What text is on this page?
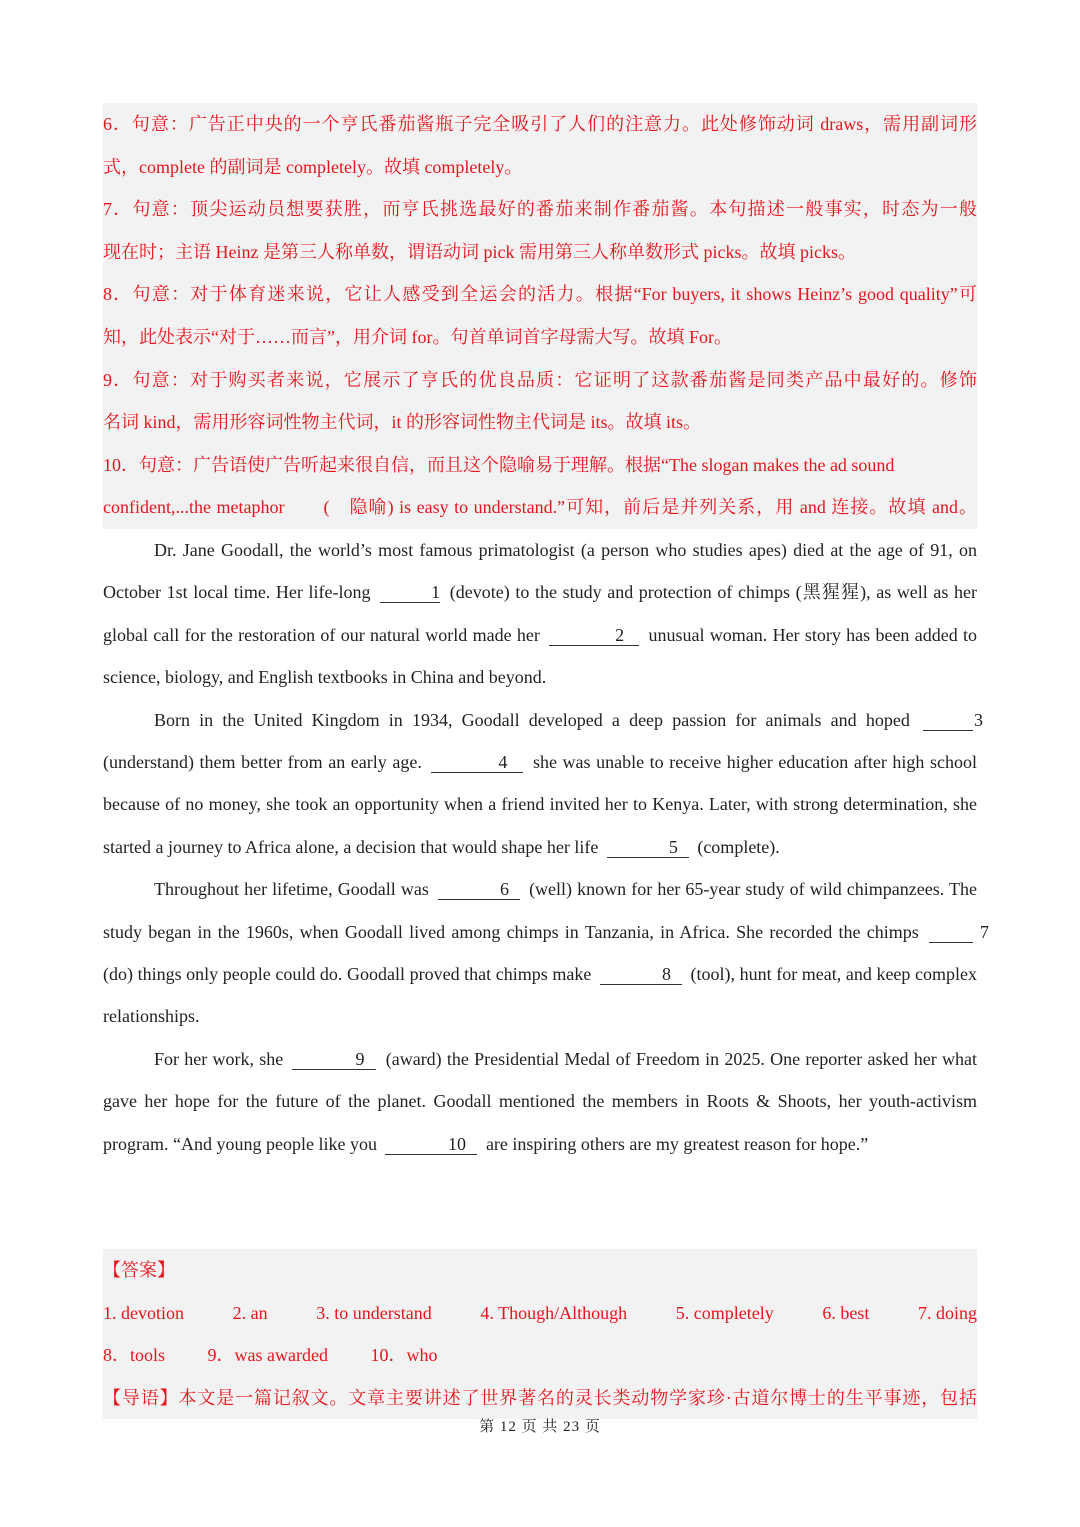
6．句意：广告正中央的一个亨氏番茄酱瓶子完全吸引了人们的注意力。此处修饰动词 draws，需用副词形

式，complete 的副词是 completely。故填 completely。

7．句意：顶尖运动员想要获胜，而亨氏挑选最好的番茄来制作番茄酱。本句描述一般事实，时态为一般

现在时；主语 Heinz 是第三人称单数，谓语动词 pick 需用第三人称单数形式 picks。故填 picks。

8．句意：对于体育迷来说，它让人感受到全运会的活力。根据“For buyers, it shows Heinz’s good quality”可

知，此处表示“对于……而言”，用介词 for。句首单词首字母需大写。故填 For。

9．句意：对于购买者来说，它展示了亨氏的优良品质：它证明了这款番茄酱是同类产品中最好的。修饰

名词 kind，需用形容词性物主代词，it 的形容词性物主代词是 its。故填 its。

10．句意：广告语使广告听起来很自信，而且这个隐喻易于理解。根据“The slogan makes the ad sound

confident,...the metaphor　　(　隐喻) is easy to understand.”可知，前后是并列关系，用 and 连接。故填 and。

Dr. Jane Goodall, the world’s most famous primatologist (a person who studies apes) died at the age of 91, on October 1st local time. Her life-long	1 (devote) to the study and protection of chimps (黑猩猩), as well as her global call for the restoration of our natural world made her	2 unusual woman. Her story has been added to science, biology, and English textbooks in China and beyond.

Born in the United Kingdom in 1934, Goodall developed a deep passion for animals and hoped	3 (understand) them better from an early age.	4 she was unable to receive higher education after high school because of no money, she took an opportunity when a friend invited her to Kenya. Later, with strong determination, she started a journey to Africa alone, a decision that would shape her life	5 (complete).

Throughout her lifetime, Goodall was	6 (well) known for her 65-year study of wild chimpanzees. The study began in the 1960s, when Goodall lived among chimps in Tanzania, in Africa. She recorded the chimps	7 (do) things only people could do. Goodall proved that chimps make	8 (tool), hunt for meat, and keep complex relationships.

For her work, she	9 (award) the Presidential Medal of Freedom in 2025. One reporter asked her what gave her hope for the future of the planet. Goodall mentioned the members in Roots & Shoots, her youth-activism program. “And young people like you	10 are inspiring others are my greatest reason for hope.”

【答案】

1. devotion	2. an	3. to understand	4. Though/Although	5. completely	6. best	7. doing

8．tools 9．was awarded 10．who

【导语】本文是一篇记叙文。文章主要讲述了世界著名的灵长类动物学家珍·古道尔博士的生平事迹，包括

第 12 页 共 23 页
